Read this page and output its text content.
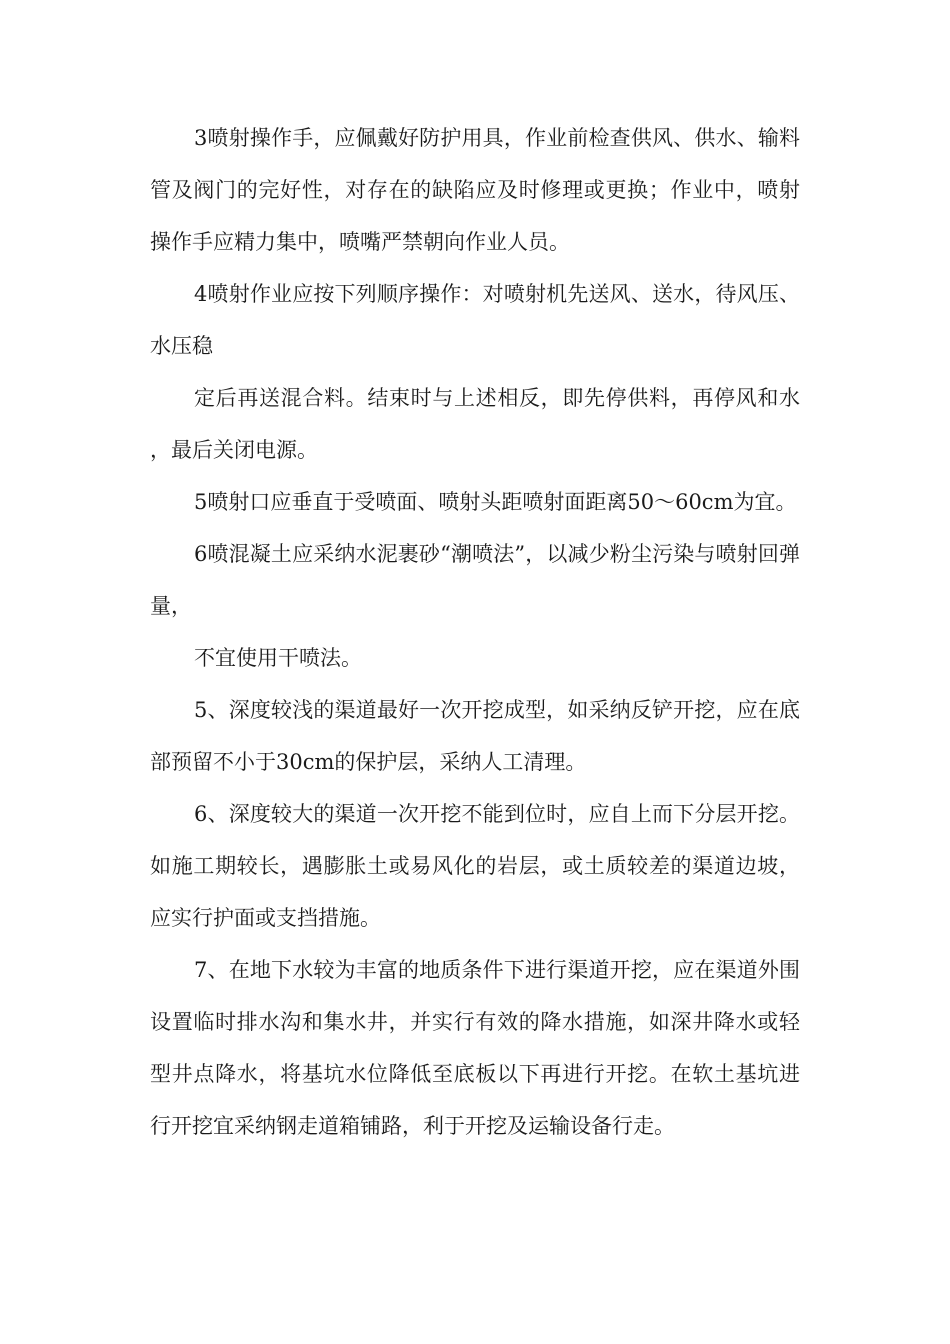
3喷射操作手，应佩戴好防护用具，作业前检查供风、供水、输料管及阀门的完好性，对存在的缺陷应及时修理或更换；作业中，喷射操作手应精力集中，喷嘴严禁朝向作业人员。

4喷射作业应按下列顺序操作：对喷射机先送风、送水，待风压、水压稳

定后再送混合料。结束时与上述相反，即先停供料，再停风和水，最后关闭电源。

5喷射口应垂直于受喷面、喷射头距喷射面距离50～60cm为宜。

6喷混凝土应采纳水泥裹砂“潮喷法”，以减少粉尘污染与喷射回弹量，

不宜使用干喷法。

5、深度较浅的渠道最好一次开挖成型，如采纳反铲开挖，应在底部预留不小于30cm的保护层，采纳人工清理。

6、深度较大的渠道一次开挖不能到位时，应自上而下分层开挖。如施工期较长，遇膨胀土或易风化的岩层，或土质较差的渠道边坡，应实行护面或支挡措施。

7、在地下水较为丰富的地质条件下进行渠道开挖，应在渠道外围设置临时排水沟和集水井，并实行有效的降水措施，如深井降水或轻型井点降水，将基坑水位降低至底板以下再进行开挖。在软土基坑进行开挖宜采纳钢走道箱铺路，利于开挖及运输设备行走。
